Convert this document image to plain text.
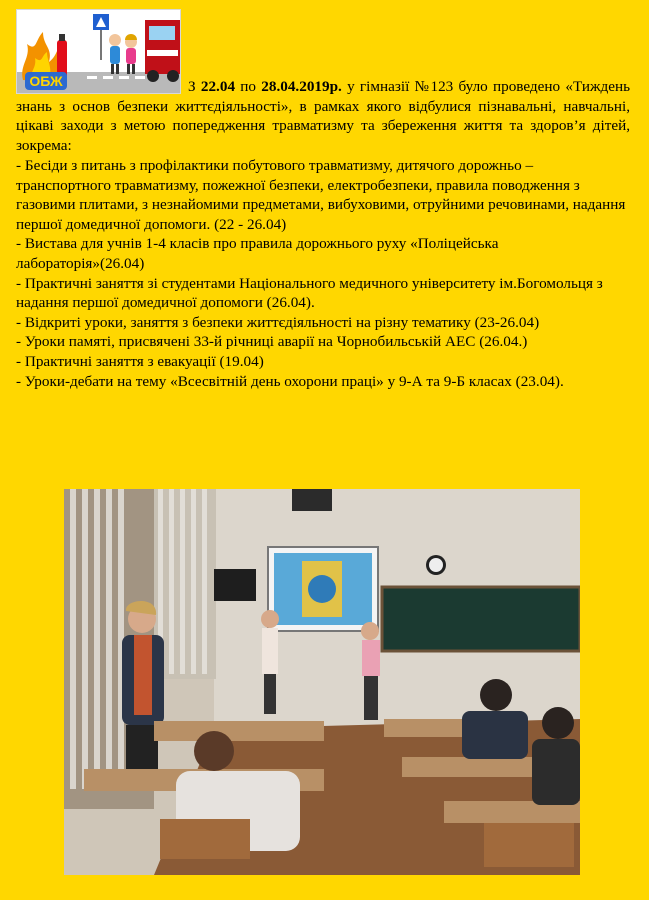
ОБЖ	З 22.04 по 28.04.2019р. у гімназії №123 було проведено «Тиждень знань з основ безпеки життєдіяльності», в рамках якого відбулися пізнавальні, навчальні, цікаві заходи з метою попередження травматизму та збереження життя та здоров’я дітей, зокрема:

- Бесіди з питань з профілактики побутового травматизму, дитячого дорожньо – транспортного травматизму, пожежної безпеки, електробезпеки, правила поводження з газовими плитами, з незнайомими предметами, вибуховими, отруйними речовинами, надання першої домедичної допомоги. (22 - 26.04)
- Вистава для учнів 1-4 класів про правила дорожнього руху «Поліцейська лабораторія»(26.04)
- Практичні заняття зі студентами Національного медичного університету ім.Богомольця з надання першої домедичної допомоги (26.04).
- Відкриті уроки, заняття з безпеки життєдіяльності на різну тематику (23-26.04)
- Уроки памяті, присвячені 33-й річниці аварії на Чорнобильській АЕС (26.04.)
- Практичні заняття з евакуації (19.04)
- Уроки-дебати на тему «Всесвітній день охорони праці» у 9-А та 9-Б класах (23.04).
